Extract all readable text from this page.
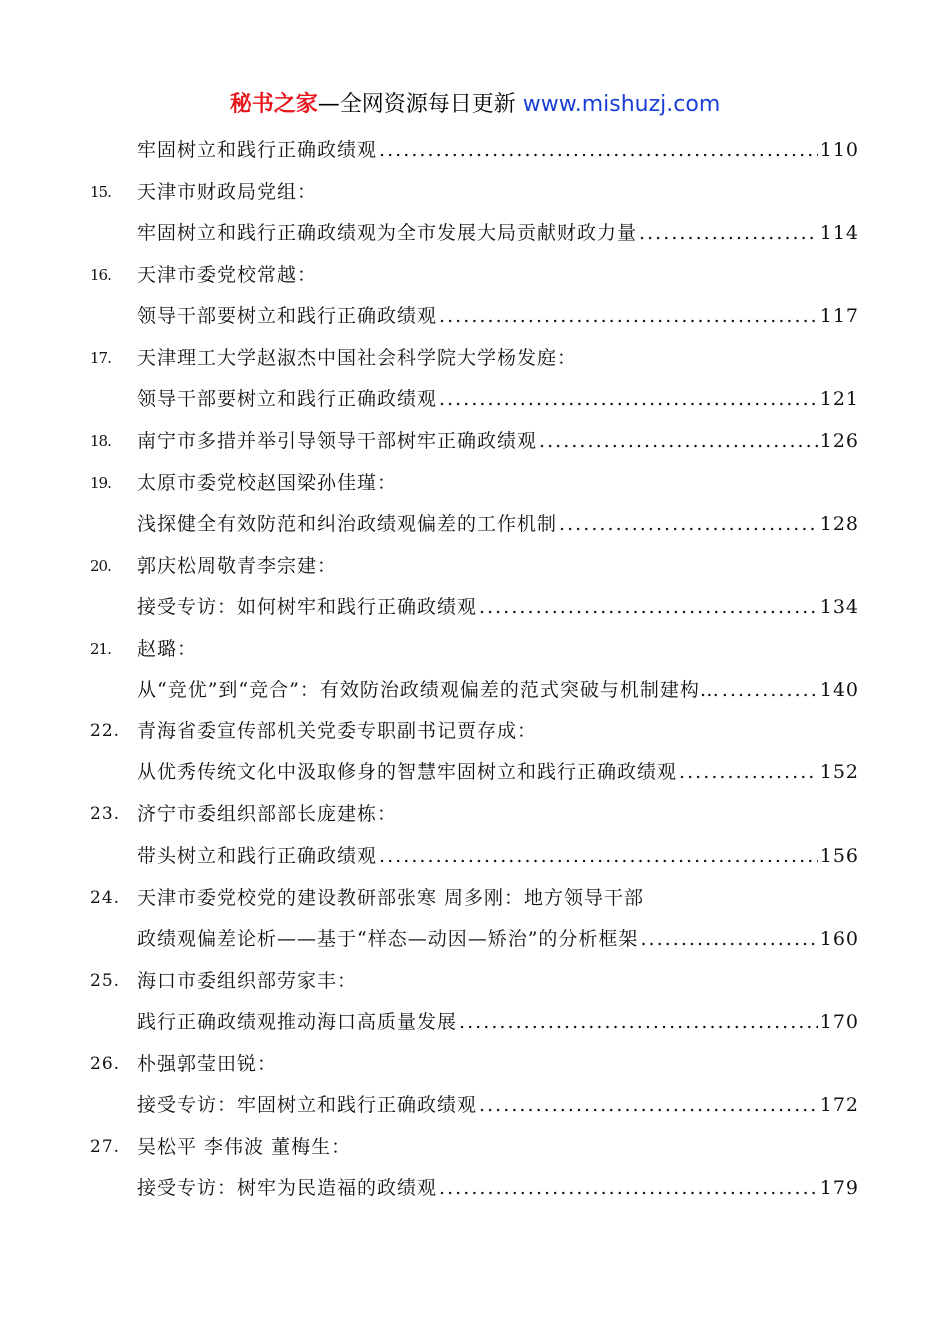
秘书之家—全网资源每日更新 www.mishuzj.com
牢固树立和践行正确政绩观 . . .	110
15. 天津市财政局党组：
牢固树立和践行正确政绩观为全市发展大局贡献财政力量 . . .	114
16. 天津市委党校常越：
领导干部要树立和践行正确政绩观 . . .	117
17. 天津理工大学赵淑杰中国社会科学院大学杨发庭：
领导干部要树立和践行正确政绩观 . . .	121
18. 南宁市多措并举引导领导干部树牢正确政绩观 . . .	126
19. 太原市委党校赵国梁孙佳瑾：
浅探健全有效防范和纠治政绩观偏差的工作机制 . . .	128
20. 郭庆松周敬青李宗建：
接受专访：如何树牢和践行正确政绩观 . . .	134
21. 赵璐：
从“竞优”到“竞合”：有效防治政绩观偏差的范式突破与机制建构… . . .	140
22. 青海省委宣传部机关党委专职副书记贾存成：
从优秀传统文化中汲取修身的智慧牢固树立和践行正确政绩观 . . .	152
23. 济宁市委组织部部长庞建栋：
带头树立和践行正确政绩观 . . .	156
24. 天津市委党校党的建设教研部张寒 周多刚：地方领导干部
政绩观偏差论析——基于“样态—动因—矫治”的分析框架 . . .	160
25. 海口市委组织部劳家丰：
践行正确政绩观推动海口高质量发展 . . .	170
26. 朴强郭莹田锐：
接受专访：牢固树立和践行正确政绩观 . . .	172
27. 吴松平 李伟波 董梅生：
接受专访：树牢为民造福的政绩观 . . .	179
